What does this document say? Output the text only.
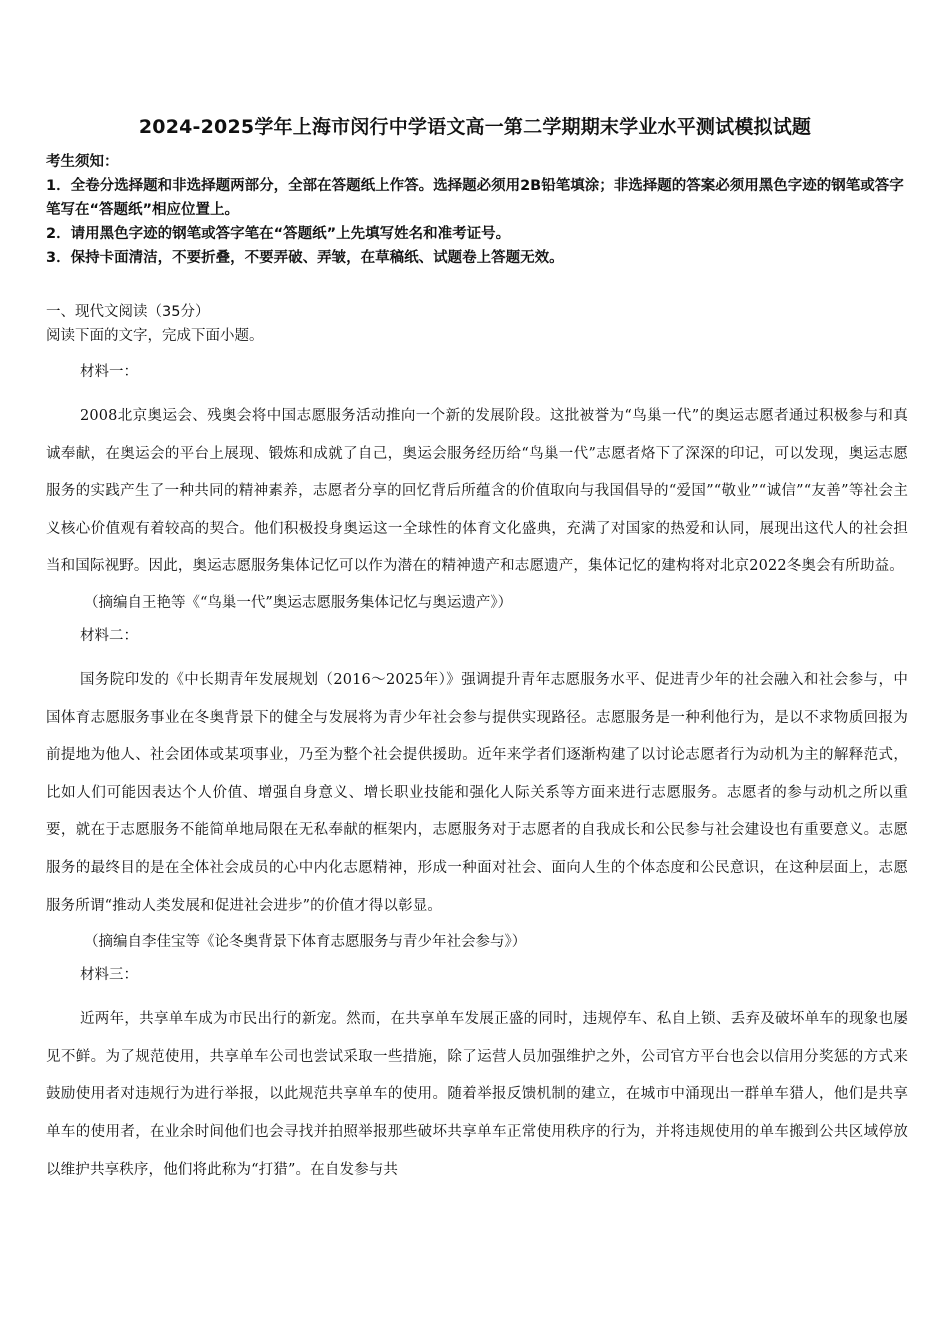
2024-2025学年上海市闵行中学语文高一第二学期期末学业水平测试模拟试题

考生须知：

1．全卷分选择题和非选择题两部分，全部在答题纸上作答。选择题必须用2B铅笔填涂；非选择题的答案必须用黑色字迹的钢笔或答字笔写在“答题纸”相应位置上。

2．请用黑色字迹的钢笔或答字笔在“答题纸”上先填写姓名和准考证号。

3．保持卡面清洁，不要折叠，不要弄破、弄皱，在草稿纸、试题卷上答题无效。

一、现代文阅读（35分）
阅读下面的文字，完成下面小题。

材料一：

2008北京奥运会、残奥会将中国志愿服务活动推向一个新的发展阶段。这批被誉为“鸟巢一代”的奥运志愿者通过积极参与和真诚奉献，在奥运会的平台上展现、锻炼和成就了自己，奥运会服务经历给“鸟巢一代”志愿者烙下了深深的印记，可以发现，奥运志愿服务的实践产生了一种共同的精神素养，志愿者分享的回忆背后所蕴含的价值取向与我国倡导的“爱国”“敬业”“诚信”“友善”等社会主义核心价值观有着较高的契合。他们积极投身奥运这一全球性的体育文化盛典，充满了对国家的热爱和认同，展现出这代人的社会担当和国际视野。因此，奥运志愿服务集体记忆可以作为潜在的精神遗产和志愿遗产，集体记忆的建构将对北京2022冬奥会有所助益。

（摘编自王艳等《“鸟巢一代”奥运志愿服务集体记忆与奥运遗产》）

材料二：

国务院印发的《中长期青年发展规划（2016～2025年）》强调提升青年志愿服务水平、促进青少年的社会融入和社会参与，中国体育志愿服务事业在冬奥背景下的健全与发展将为青少年社会参与提供实现路径。志愿服务是一种利他行为，是以不求物质回报为前提地为他人、社会团体或某项事业，乃至为整个社会提供援助。近年来学者们逐渐构建了以讨论志愿者行为动机为主的解释范式，比如人们可能因表达个人价值、增强自身意义、增长职业技能和强化人际关系等方面来进行志愿服务。志愿者的参与动机之所以重要，就在于志愿服务不能简单地局限在无私奉献的框架内，志愿服务对于志愿者的自我成长和公民参与社会建设也有重要意义。志愿服务的最终目的是在全体社会成员的心中内化志愿精神，形成一种面对社会、面向人生的个体态度和公民意识，在这种层面上，志愿服务所谓“推动人类发展和促进社会进步”的价值才得以彰显。

（摘编自李佳宝等《论冬奥背景下体育志愿服务与青少年社会参与》）

材料三：

近两年，共享单车成为市民出行的新宠。然而，在共享单车发展正盛的同时，违规停车、私自上锁、丢弃及破坏单车的现象也屡见不鲜。为了规范使用，共享单车公司也尝试采取一些措施，除了运营人员加强维护之外，公司官方平台也会以信用分奖惩的方式来鼓励使用者对违规行为进行举报，以此规范共享单车的使用。随着举报反馈机制的建立，在城市中涌现出一群单车猎人，他们是共享单车的使用者，在业余时间他们也会寻找并拍照举报那些破坏共享单车正常使用秩序的行为，并将违规使用的单车搬到公共区域停放以维护共享秩序，他们将此称为“打猎”。在自发参与共
